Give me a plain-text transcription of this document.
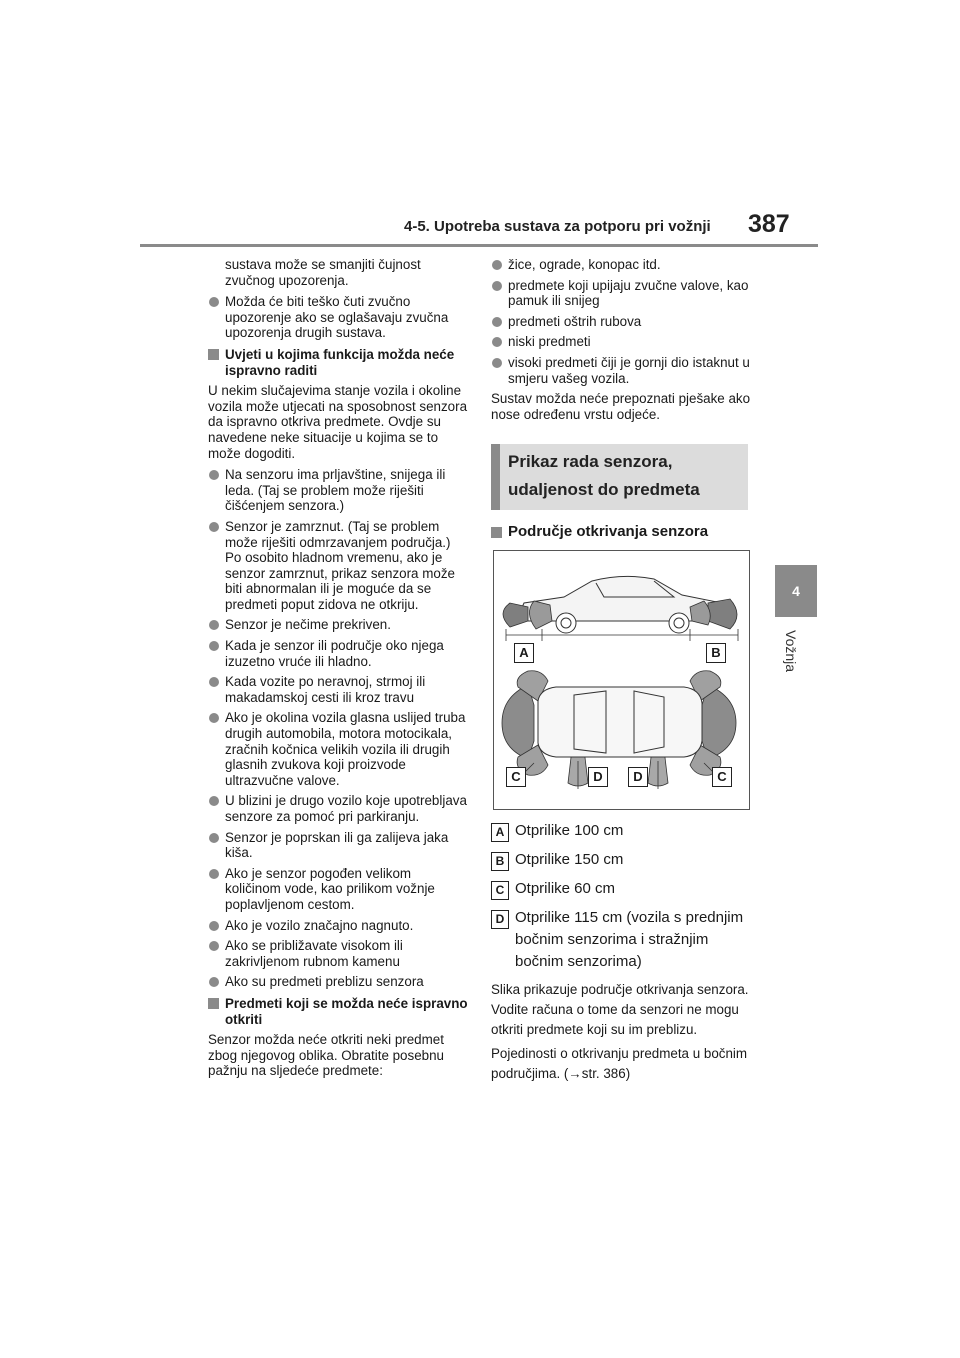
4-5. Upotreba sustava za potporu pri vožnji 387
4
Vožnja

sustava može se smanjiti čujnost zvučnog upozorenja.

Možda će biti teško čuti zvučno upozorenje ako se oglašavaju zvučna upozorenja drugih sustava.

Uvjeti u kojima funkcija možda neće ispravno raditi

U nekim slučajevima stanje vozila i okoline vozila može utjecati na sposobnost senzora da ispravno otkriva predmete. Ovdje su navedene neke situacije u kojima se to može dogoditi.

Na senzoru ima prljavštine, snijega ili leda. (Taj se problem može riješiti čišćenjem senzora.)

Senzor je zamrznut. (Taj se problem može riješiti odmrzavanjem područja.) Po osobito hladnom vremenu, ako je senzor zamrznut, prikaz senzora može biti abnormalan ili je moguće da se predmeti poput zidova ne otkriju.

Senzor je nečime prekriven.

Kada je senzor ili područje oko njega izuzetno vruće ili hladno.

Kada vozite po neravnoj, strmoj ili makadamskoj cesti ili kroz travu

Ako je okolina vozila glasna uslijed truba drugih automobila, motora motocikala, zračnih kočnica velikih vozila ili drugih glasnih zvukova koji proizvode ultrazvučne valove.

U blizini je drugo vozilo koje upotrebljava senzore za pomoć pri parkiranju.

Senzor je poprskan ili ga zalijeva jaka kiša.

Ako je senzor pogođen velikom količinom vode, kao prilikom vožnje poplavljenom cestom.

Ako je vozilo značajno nagnuto.

Ako se približavate visokom ili zakrivljenom rubnom kamenu

Ako su predmeti preblizu senzora

Predmeti koji se možda neće ispravno otkriti

Senzor možda neće otkriti neki predmet zbog njegovog oblika. Obratite posebnu pažnju na sljedeće predmete:

žice, ograde, konopac itd.

predmete koji upijaju zvučne valove, kao pamuk ili snijeg

predmeti oštrih rubova

niski predmeti

visoki predmeti čiji je gornji dio istaknut u smjeru vašeg vozila.

Sustav možda neće prepoznati pješake ako nose određenu vrstu odjeće.

Prikaz rada senzora, udaljenost do predmeta

Područje otkrivanja senzora

A	B
C	D	D	C
A Otprilike 100 cm
B Otprilike 150 cm
C Otprilike 60 cm
D Otprilike 115 cm (vozila s prednjim bočnim senzorima i stražnjim bočnim senzorima)

Slika prikazuje područje otkrivanja senzora. Vodite računa o tome da senzori ne mogu otkriti predmete koji su im preblizu.

Pojedinosti o otkrivanju predmeta u bočnim područjima. (→str. 386)
